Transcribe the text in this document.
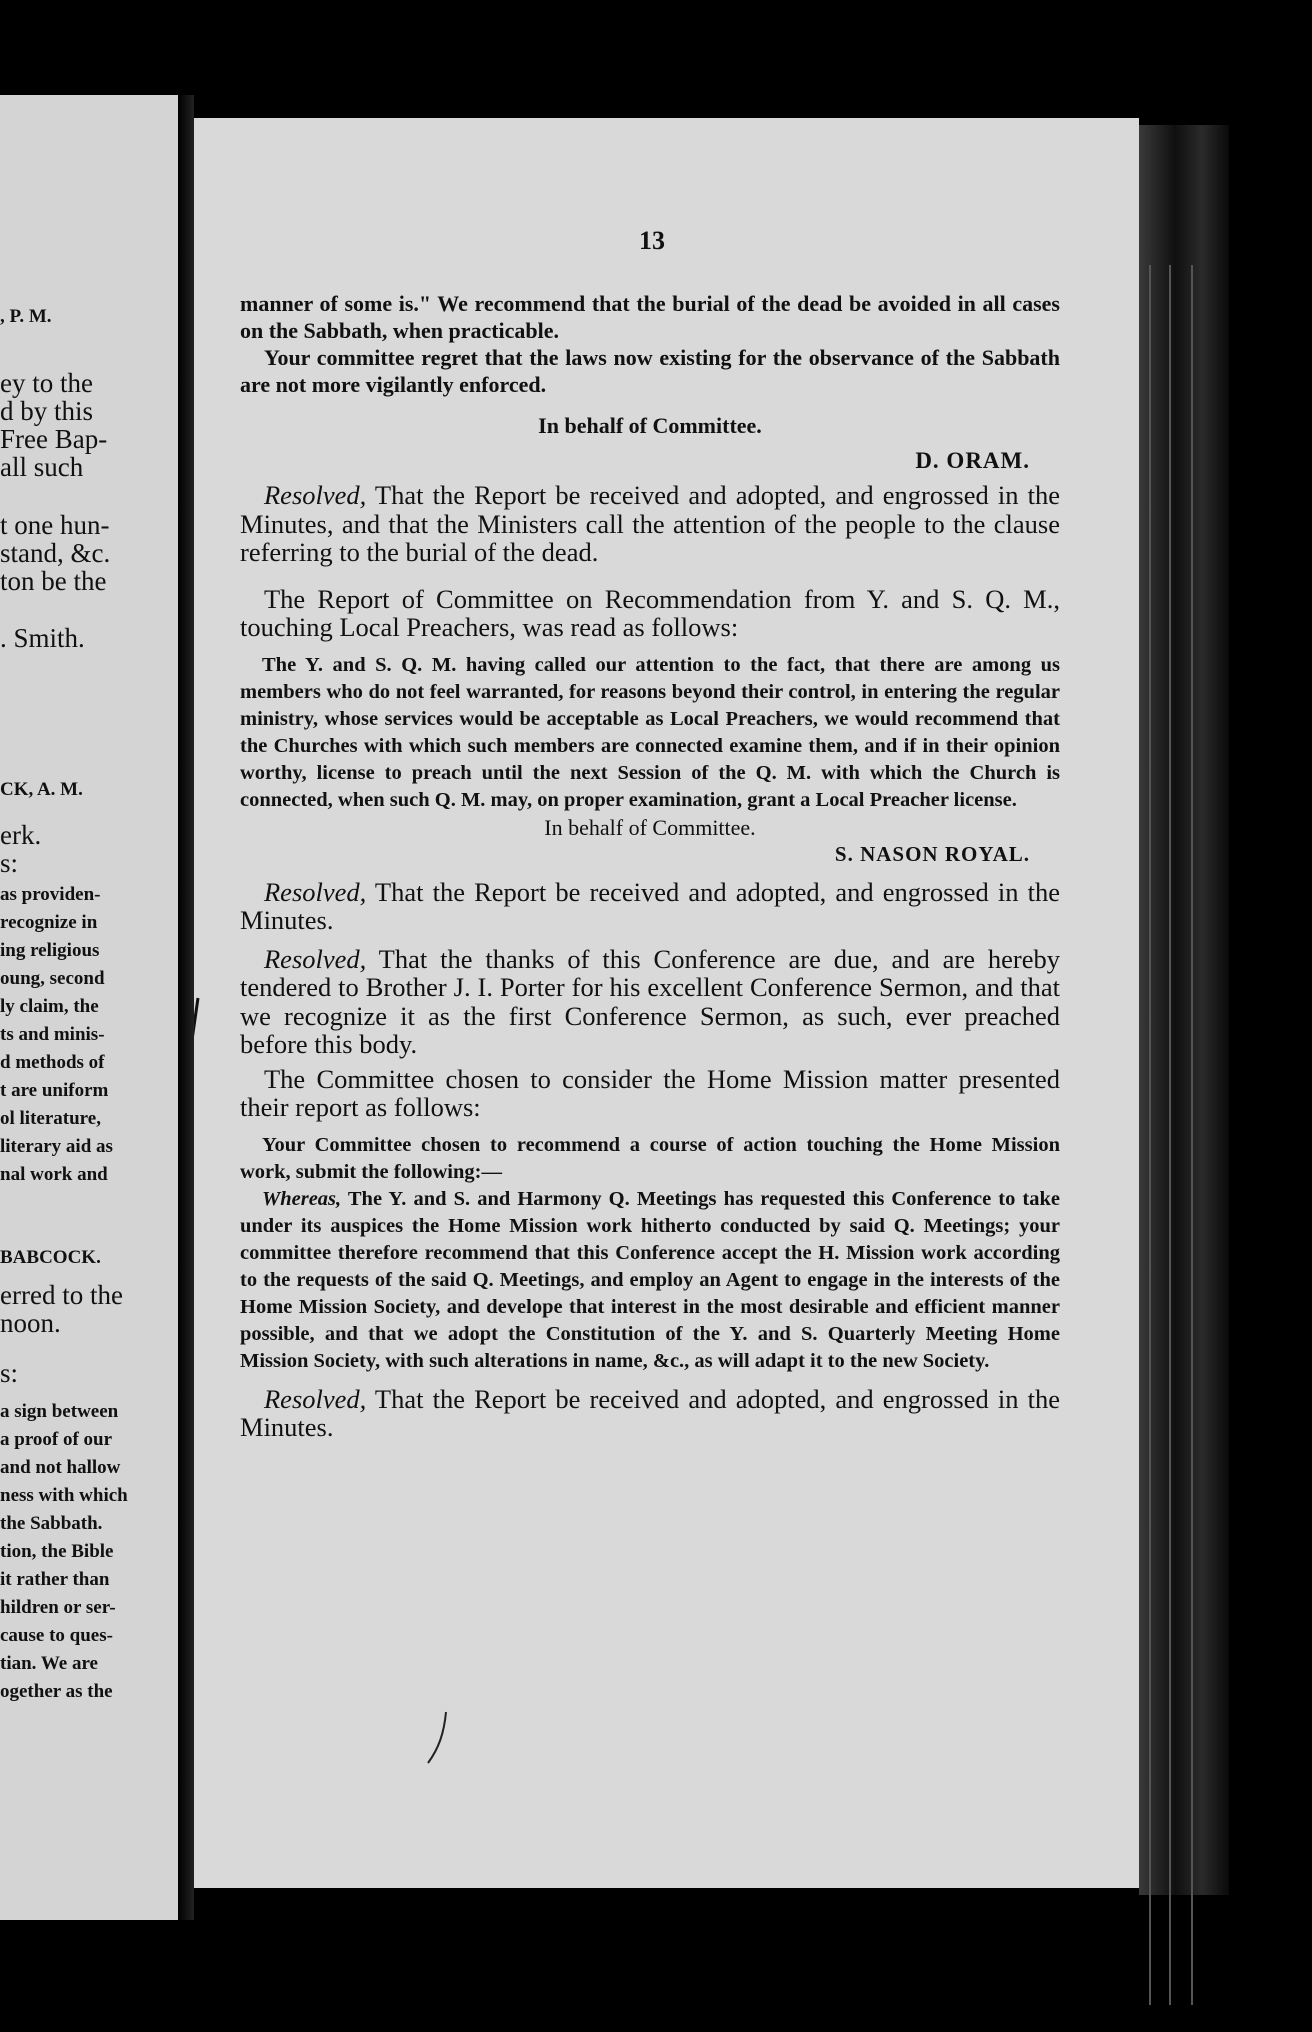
, P. M.
ey to the
d by this
Free Bap-
all such
t one hun-
stand, &c.
ton be the
. Smith.
CK, A. M.
erk.
s:
as providen-
recognize in
ing religious
oung, second
ly claim, the
ts and minis-
d methods of
t are uniform
ol literature,
literary aid as
nal work and
BABCOCK.
erred to the
noon.
s:
a sign between
a proof of our
and not hallow
ness with which
the Sabbath.
tion, the Bible
it rather than
hildren or ser-
cause to ques-
tian. We are
ogether as the
13

manner of some is." We recommend that the burial of the dead be avoided in all cases on the Sabbath, when practicable.

Your committee regret that the laws now existing for the observance of the Sabbath are not more vigilantly enforced.

In behalf of Committee.

D. ORAM.

Resolved, That the Report be received and adopted, and engrossed in the Minutes, and that the Ministers call the attention of the people to the clause referring to the burial of the dead.

The Report of Committee on Recommendation from Y. and S. Q. M., touching Local Preachers, was read as follows:

The Y. and S. Q. M. having called our attention to the fact, that there are among us members who do not feel warranted, for reasons beyond their control, in entering the regular ministry, whose services would be acceptable as Local Preachers, we would recommend that the Churches with which such members are connected examine them, and if in their opinion worthy, license to preach until the next Session of the Q. M. with which the Church is connected, when such Q. M. may, on proper examination, grant a Local Preacher license.

In behalf of Committee.

S. NASON ROYAL.

Resolved, That the Report be received and adopted, and engrossed in the Minutes.

Resolved, That the thanks of this Conference are due, and are hereby tendered to Brother J. I. Porter for his excellent Conference Sermon, and that we recognize it as the first Conference Sermon, as such, ever preached before this body.

The Committee chosen to consider the Home Mission matter presented their report as follows:

Your Committee chosen to recommend a course of action touching the Home Mission work, submit the following:—

Whereas, The Y. and S. and Harmony Q. Meetings has requested this Conference to take under its auspices the Home Mission work hitherto conducted by said Q. Meetings; your committee therefore recommend that this Conference accept the H. Mission work according to the requests of the said Q. Meetings, and employ an Agent to engage in the interests of the Home Mission Society, and develope that interest in the most desirable and efficient manner possible, and that we adopt the Constitution of the Y. and S. Quarterly Meeting Home Mission Society, with such alterations in name, &c., as will adapt it to the new Society.

Resolved, That the Report be received and adopted, and engrossed in the Minutes.
